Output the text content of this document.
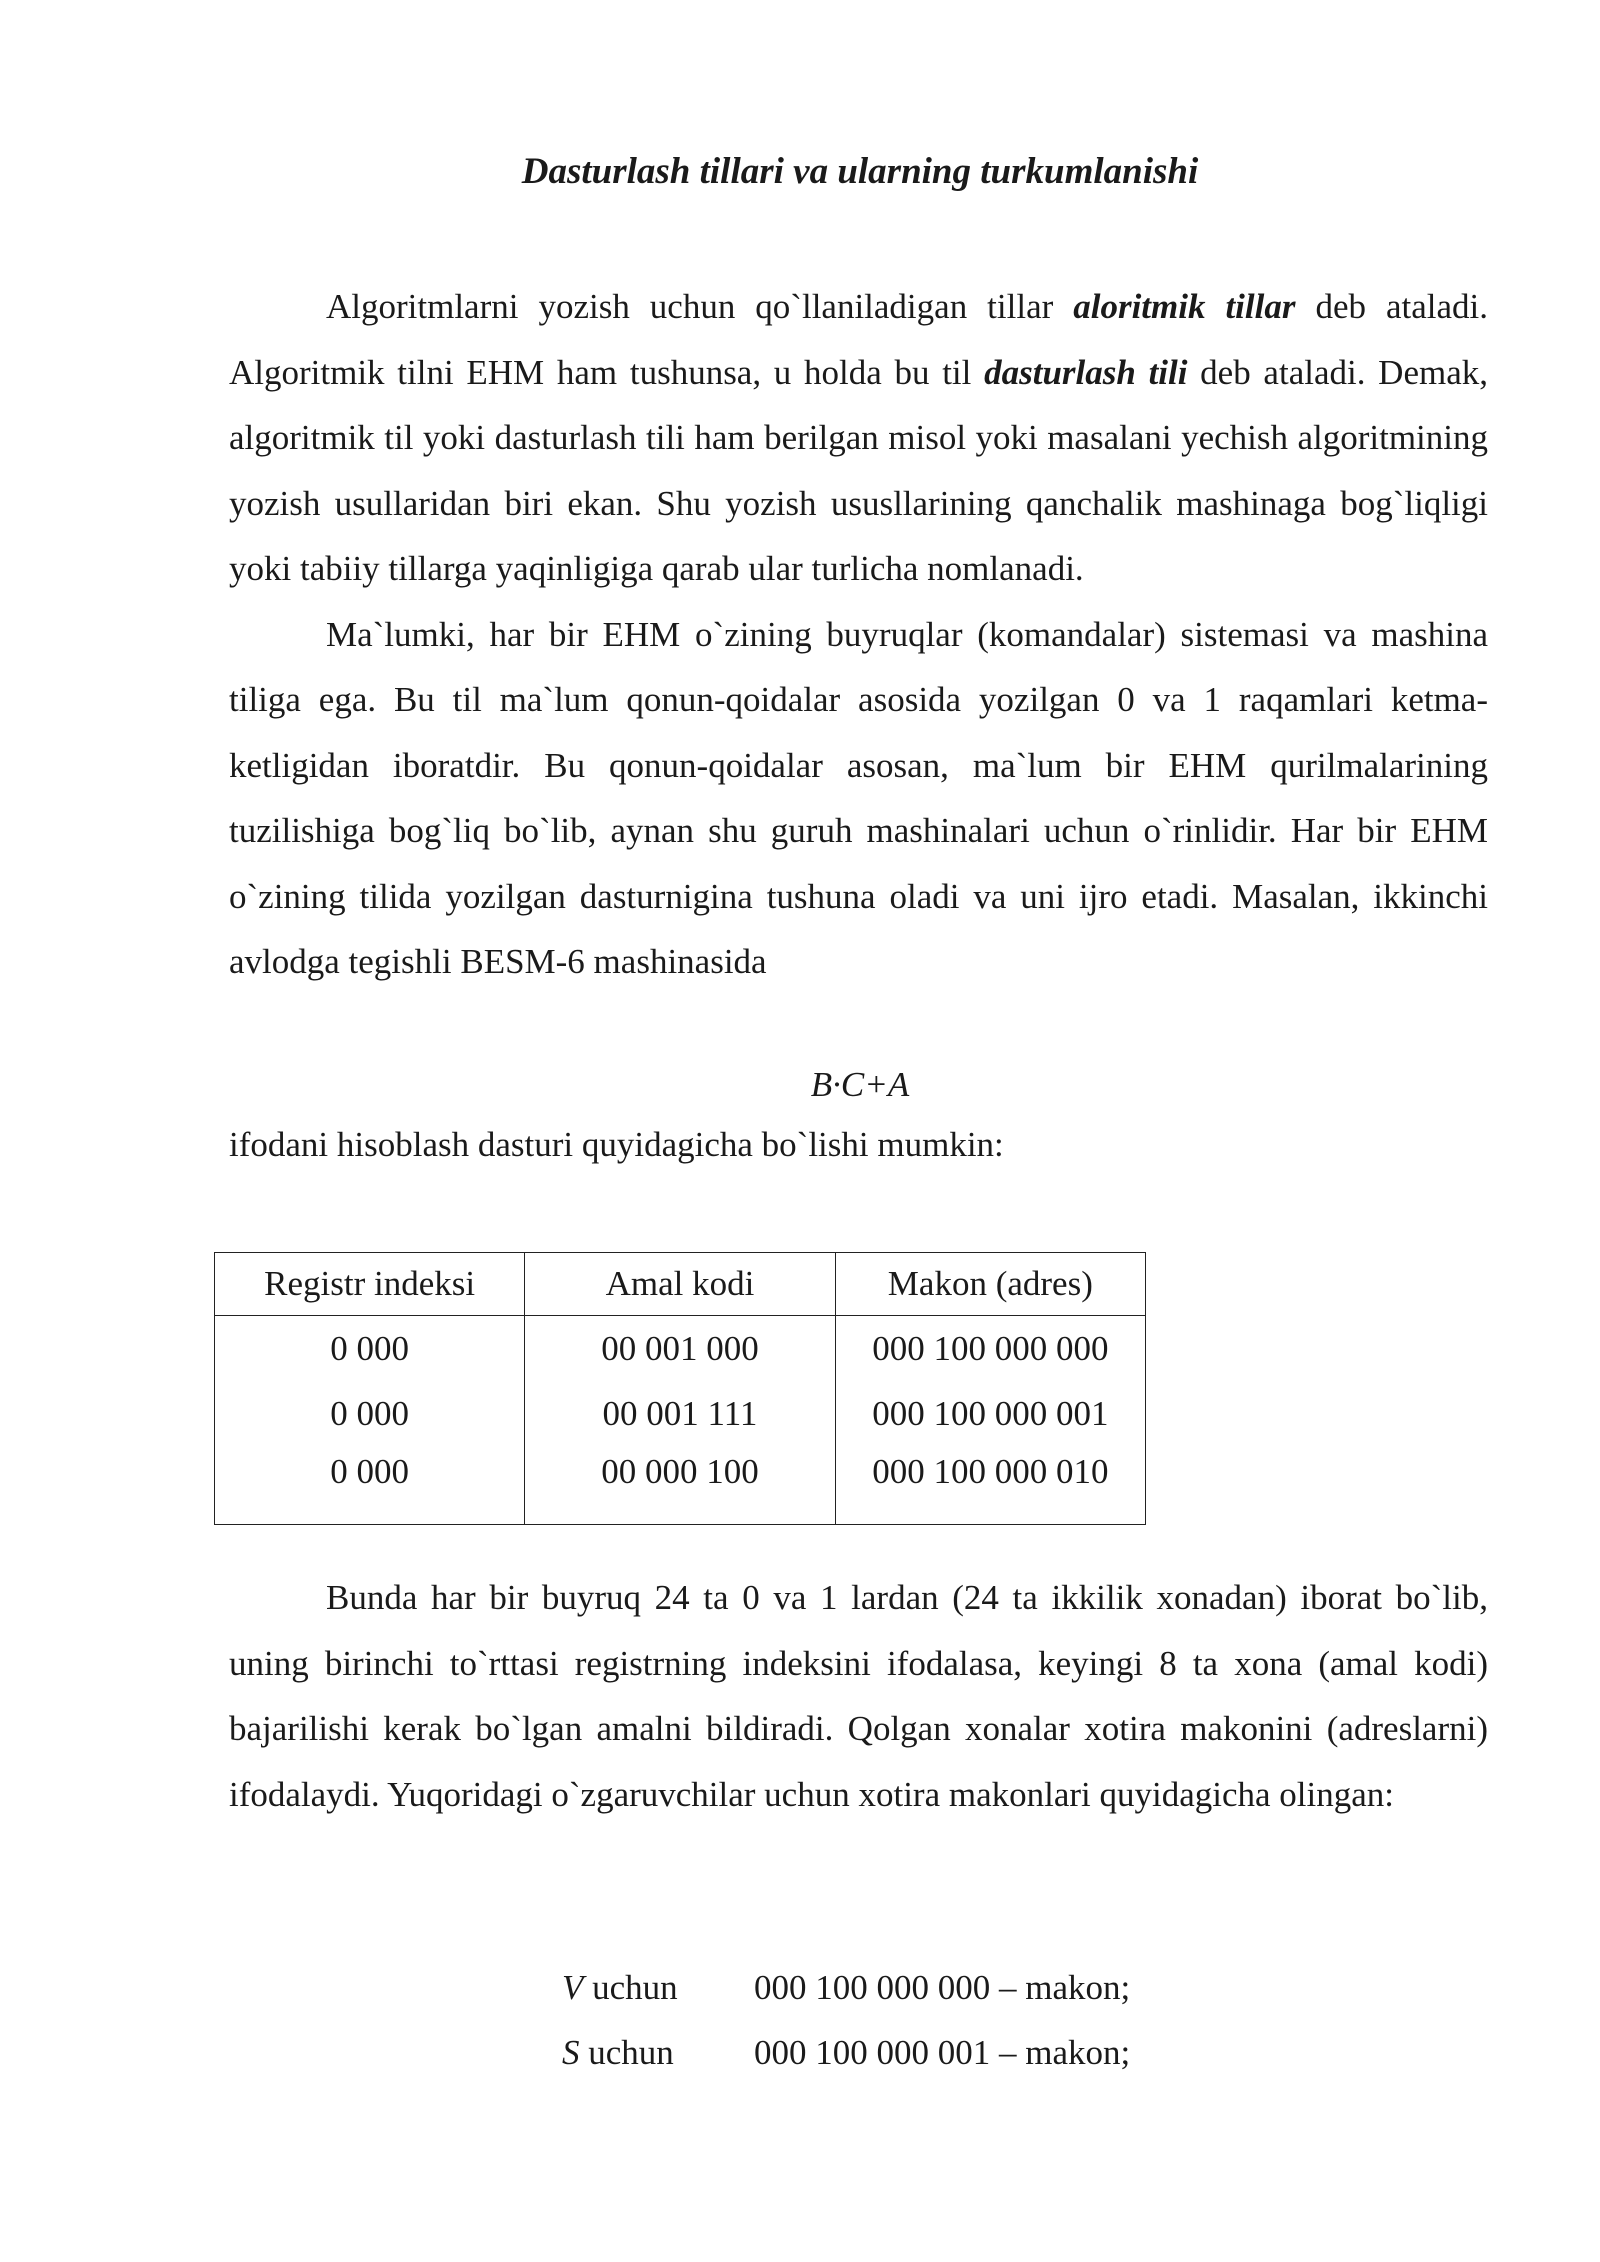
Dasturlash tillari va ularning turkumlanishi

Algoritmlarni yozish uchun qo`llaniladigan tillar aloritmik tillar deb ataladi. Algoritmik tilni EHM ham tushunsa, u holda bu til dasturlash tili deb ataladi. Demak, algoritmik til yoki dasturlash tili ham berilgan misol yoki masalani yechish algoritmining yozish usullaridan biri ekan. Shu yozish ususllarining qanchalik mashinaga bog`liqligi yoki tabiiy tillarga yaqinligiga qarab ular turlicha nomlanadi.

Ma`lumki, har bir EHM o`zining buyruqlar (komandalar) sistemasi va mashina tiliga ega. Bu til ma`lum qonun-qoidalar asosida yozilgan 0 va 1 raqamlari ketma-ketligidan iboratdir. Bu qonun-qoidalar asosan, ma`lum bir EHM qurilmalarining tuzilishiga bog`liq bo`lib, aynan shu guruh mashinalari uchun o`rinlidir. Har bir EHM o`zining tilida yozilgan dasturnigina tushuna oladi va uni ijro etadi. Masalan, ikkinchi avlodga tegishli BESM-6 mashinasida

B·C+A
ifodani hisoblash dasturi quyidagicha bo`lishi mumkin:
Registr indeksi	Amal kodi	Makon (adres)
0 000	00 001 000	000 100 000 000
0 000	00 001 111	000 100 000 001
0 000	00 000 100	000 100 000 010

Bunda har bir buyruq 24 ta 0 va 1 lardan (24 ta ikkilik xonadan) iborat bo`lib, uning birinchi to`rttasi registrning indeksini ifodalasa, keyingi 8 ta xona (amal kodi) bajarilishi kerak bo`lgan amalni bildiradi. Qolgan xonalar xotira makonini (adreslarni) ifodalaydi. Yuqoridagi o`zgaruvchilar uchun xotira makonlari quyidagicha olingan:

V uchun	000 100 000 000 – makon;
S uchun	000 100 000 001 – makon;
